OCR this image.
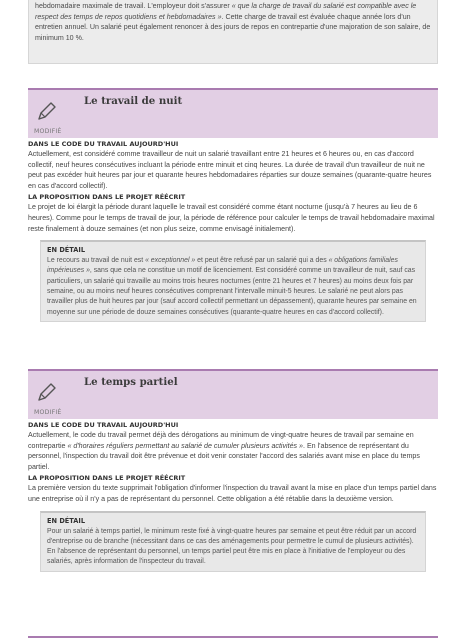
hebdomadaire maximale de travail. L'employeur doit s'assurer « que la charge de travail du salarié est compatible avec le respect des temps de repos quotidiens et hebdomadaires ». Cette charge de travail est évaluée chaque année lors d'un entretien annuel. Un salarié peut également renoncer à des jours de repos en contrepartie d'une majoration de son salaire, de minimum 10 %.

Le travail de nuit
MODIFIÉ
DANS LE CODE DU TRAVAIL AUJOURD'HUI

Actuellement, est considéré comme travailleur de nuit un salarié travaillant entre 21 heures et 6 heures ou, en cas d'accord collectif, neuf heures consécutives incluant la période entre minuit et cinq heures. La durée de travail d'un travailleur de nuit ne peut pas excéder huit heures par jour et quarante heures hebdomadaires réparties sur douze semaines (quarante-quatre heures en cas d'accord collectif).

LA PROPOSITION DANS LE PROJET RÉÉCRIT

Le projet de loi élargit la période durant laquelle le travail est considéré comme étant nocturne (jusqu'à 7 heures au lieu de 6 heures). Comme pour le temps de travail de jour, la période de référence pour calculer le temps de travail hebdomadaire maximal reste finalement à douze semaines (et non plus seize, comme envisagé initialement).

EN DÉTAIL

Le recours au travail de nuit est « exceptionnel » et peut être refusé par un salarié qui a des « obligations familiales impérieuses », sans que cela ne constitue un motif de licenciement. Est considéré comme un travailleur de nuit, sauf cas particuliers, un salarié qui travaille au moins trois heures nocturnes (entre 21 heures et 7 heures) au moins deux fois par semaine, ou au moins neuf heures consécutives comprenant l'intervalle minuit-5 heures. Le salarié ne peut alors pas travailler plus de huit heures par jour (sauf accord collectif permettant un dépassement), quarante heures par semaine en moyenne sur une période de douze semaines consécutives (quarante-quatre heures en cas d'accord collectif).

Le temps partiel
MODIFIÉ
DANS LE CODE DU TRAVAIL AUJOURD'HUI

Actuellement, le code du travail permet déjà des dérogations au minimum de vingt-quatre heures de travail par semaine en contrepartie « d'horaires réguliers permettant au salarié de cumuler plusieurs activités ». En l'absence de représentant du personnel, l'inspection du travail doit être prévenue et doit venir constater l'accord des salariés avant mise en place du temps partiel.

LA PROPOSITION DANS LE PROJET RÉÉCRIT

La première version du texte supprimait l'obligation d'informer l'inspection du travail avant la mise en place d'un temps partiel dans une entreprise où il n'y a pas de représentant du personnel. Cette obligation a été rétablie dans la deuxième version.

EN DÉTAIL

Pour un salarié à temps partiel, le minimum reste fixé à vingt-quatre heures par semaine et peut être réduit par un accord d'entreprise ou de branche (nécessitant dans ce cas des aménagements pour permettre le cumul de plusieurs activités). En l'absence de représentant du personnel, un temps partiel peut être mis en place à l'initiative de l'employeur ou des salariés, après information de l'inspecteur du travail.
